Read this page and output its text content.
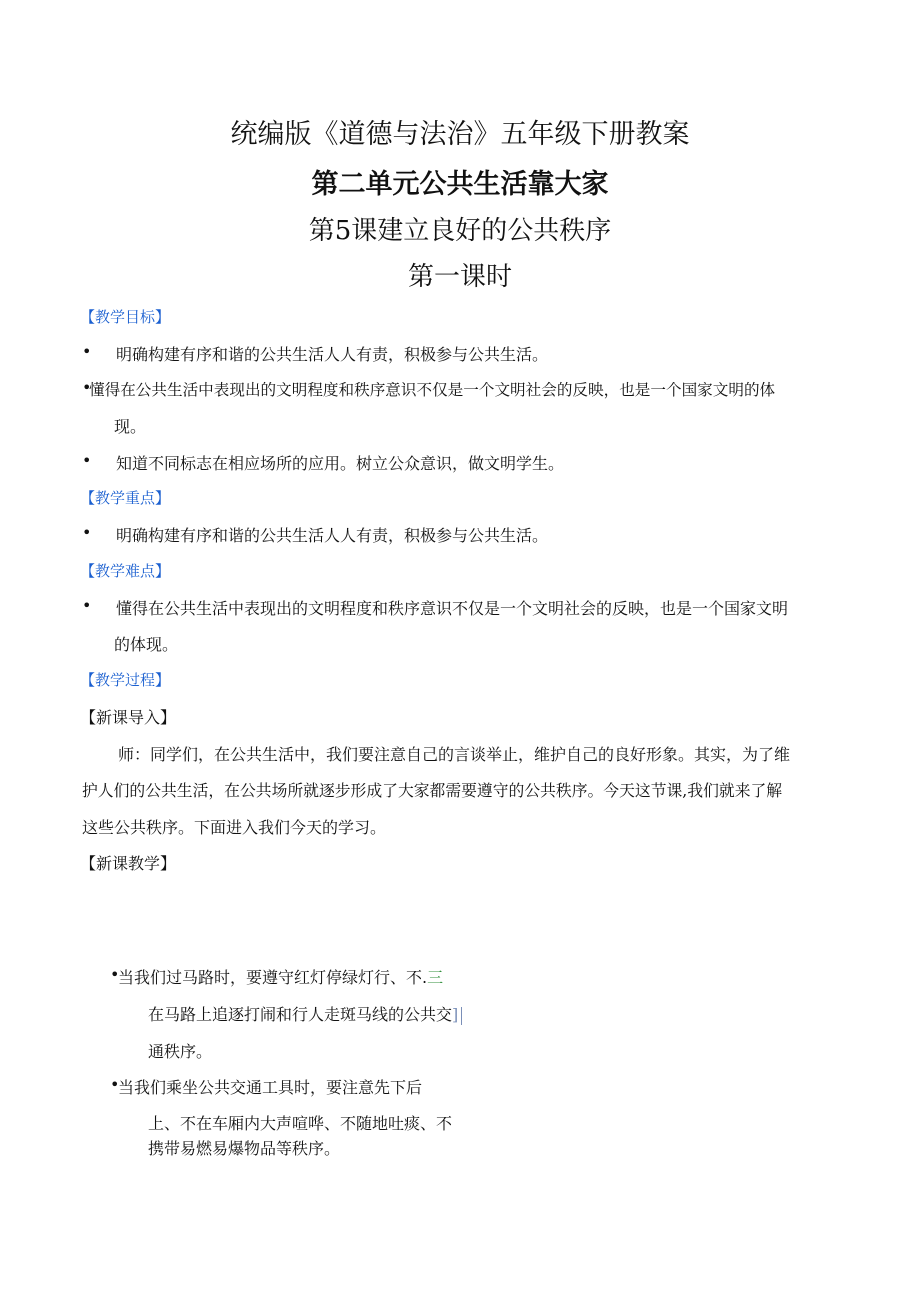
统编版《道德与法治》五年级下册教案
第二单元公共生活靠大家
第5课建立良好的公共秩序
第一课时
【教学目标】
• 明确构建有序和谐的公共生活人人有责，积极参与公共生活。
•
懂得在公共生活中表现出的文明程度和秩序意识不仅是一个文明社会的反映，也是一个国家文明的体
现。
• 知道不同标志在相应场所的应用。树立公众意识，做文明学生。
【教学重点】
• 明确构建有序和谐的公共生活人人有责，积极参与公共生活。
【教学难点】
• 懂得在公共生活中表现出的文明程度和秩序意识不仅是一个文明社会的反映，也是一个国家文明
的体现。
【教学过程】
【新课导入】
师：同学们，在公共生活中，我们要注意自己的言谈举止，维护自己的良好形象。其实，为了维
护人们的公共生活，在公共场所就逐步形成了大家都需要遵守的公共秩序。今天这节课,我们就来了解
这些公共秩序。下面进入我们今天的学习。
【新课教学】
•
当我们过马路时，要遵守红灯停绿灯行、不.三
在马路上追逐打闹和行人走斑马线的公共交]
通秩序。
•
当我们乘坐公共交通工具时，要注意先下后
上、不在车厢内大声喧哗、不随地吐痰、不
携带易燃易爆物品等秩序。
